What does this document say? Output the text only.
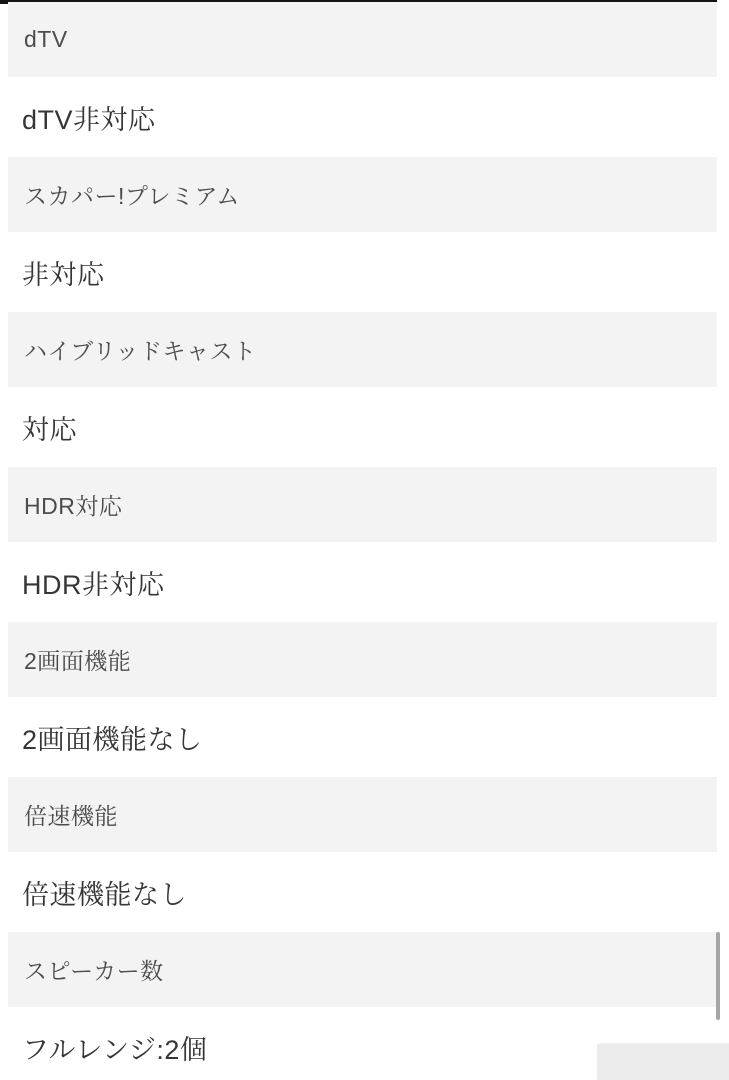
dTV
dTV非対応
スカパー!プレミアム
非対応
ハイブリッドキャスト
対応
HDR対応
HDR非対応
2画面機能
2画面機能なし
倍速機能
倍速機能なし
スピーカー数
フルレンジ:2個
